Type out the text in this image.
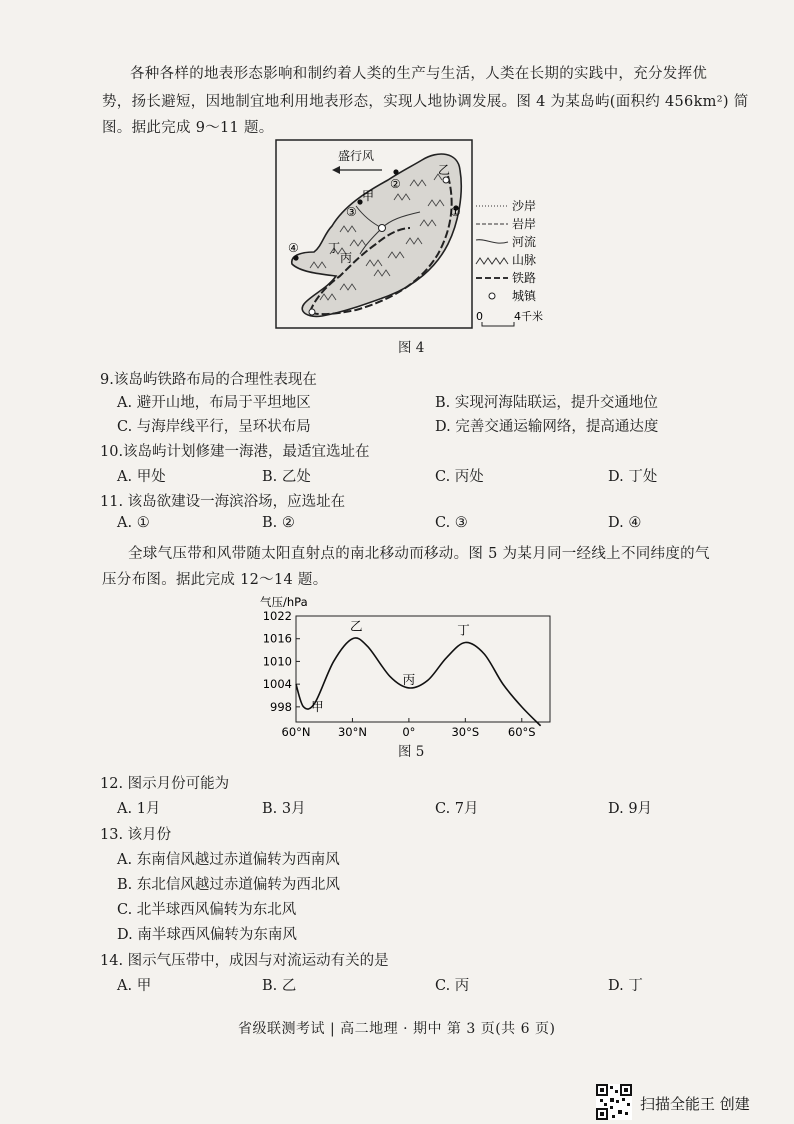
各种各样的地表形态影响和制约着人类的生产与生活，人类在长期的实践中，充分发挥优
势，扬长避短，因地制宜地利用地表形态，实现人地协调发展。图 4 为某岛屿(面积约 456km²) 简
图。据此完成 9～11 题。
盛行风
甲
乙
丙
丁
①
②
③
④
沙岸
岩岸
河流
山脉
铁路
城镇
0	4千米
图 4
9.该岛屿铁路布局的合理性表现在
A. 避开山地，布局于平坦地区	B. 实现河海陆联运，提升交通地位
C. 与海岸线平行，呈环状布局	D. 完善交通运输网络，提高通达度
10.该岛屿计划修建一海港，最适宜选址在
A. 甲处	B. 乙处	C. 丙处	D. 丁处
11. 该岛欲建设一海滨浴场，应选址在
A. ①	B. ②	C. ③	D. ④
全球气压带和风带随太阳直射点的南北移动而移动。图 5 为某月同一经线上不同纬度的气
压分布图。据此完成 12～14 题。
气压/hPa
60°N 30°N	0°	30°S	60°S
998
1004
1010
1016
1022
甲
乙
丙
丁
图 5
12. 图示月份可能为
A. 1月	B. 3月	C. 7月	D. 9月
13. 该月份
A. 东南信风越过赤道偏转为西南风
B. 东北信风越过赤道偏转为西北风
C. 北半球西风偏转为东北风
D. 南半球西风偏转为东南风
14. 图示气压带中，成因与对流运动有关的是
A. 甲	B. 乙	C. 丙	D. 丁
省级联测考试 | 高二地理 · 期中 第 3 页(共 6 页)
扫描全能王 创建
